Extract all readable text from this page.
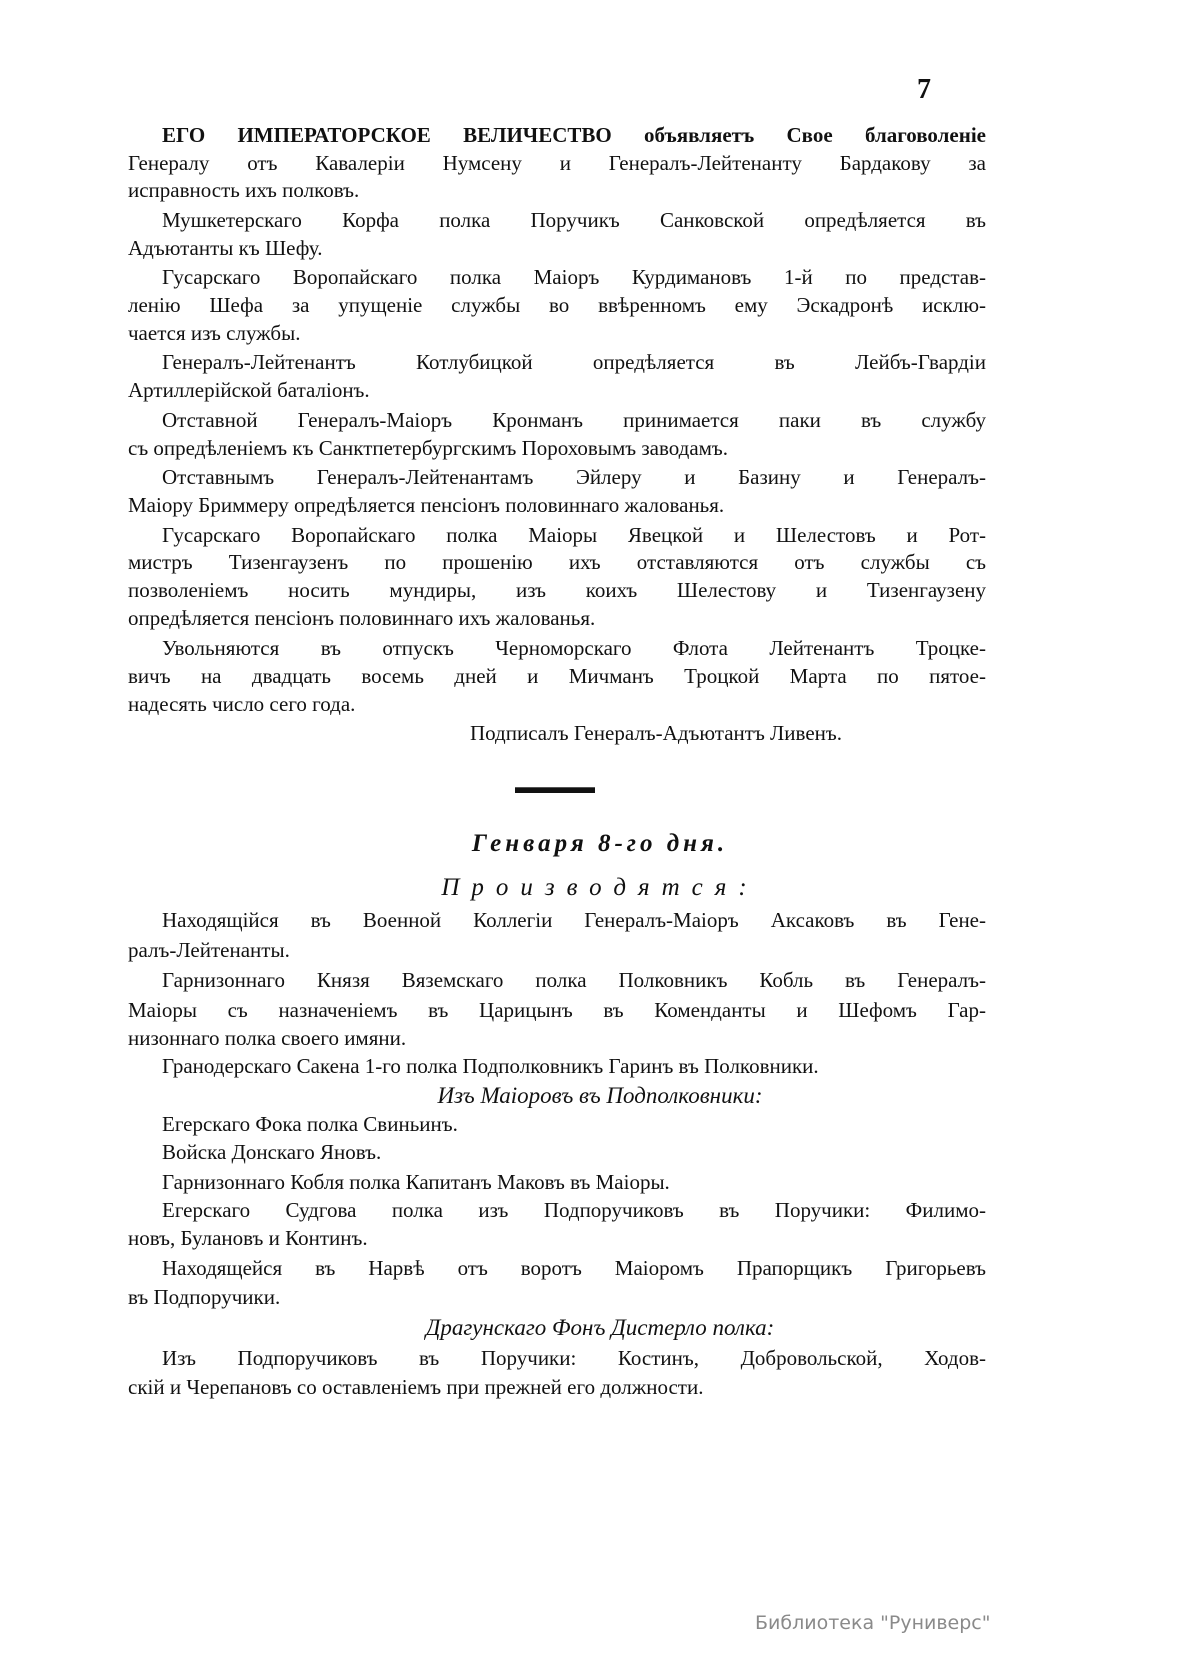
7
ЕГО ИМПЕРАТОРСКОЕ ВЕЛИЧЕСТВО объявляетъ Свое благоволеніе
Генералу отъ Кавалеріи Нумсену и Генералъ-Лейтенанту Бардакову за
исправность ихъ полковъ.
Мушкетерскаго Корфа полка Поручикъ Санковской опредѣляется въ
Адъютанты къ Шефу.
Гусарскаго Воропайскаго полка Маіоръ Курдимановъ 1-й по представ-
ленію Шефа за упущеніе службы во ввѣренномъ ему Эскадронѣ исклю-
чается изъ службы.
Генералъ-Лейтенантъ Котлубицкой опредѣляется въ Лейбъ-Гвардіи
Артиллерійской баталіонъ.
Отставной Генералъ-Маіоръ Кронманъ принимается паки въ службу
съ опредѣленіемъ къ Санктпетербургскимъ Пороховымъ заводамъ.
Отставнымъ Генералъ-Лейтенантамъ Эйлеру и Базину и Генералъ-
Маіору Бриммеру опредѣляется пенсіонъ половиннаго жалованья.
Гусарскаго Воропайскаго полка Маіоры Явецкой и Шелестовъ и Рот-
мистръ Тизенгаузенъ по прошенію ихъ отставляются отъ службы съ
позволеніемъ носить мундиры, изъ коихъ Шелестову и Тизенгаузену
опредѣляется пенсіонъ половиннаго ихъ жалованья.
Увольняются въ отпускъ Черноморскаго Флота Лейтенантъ Троцке-
вичъ на двадцать восемь дней и Мичманъ Троцкой Марта по пятое-
надесять число сего года.
Подписалъ Генералъ-Адъютантъ Ливенъ.
Генваря 8-го дня.
Производятся:
Находящійся въ Военной Коллегіи Генералъ-Маіоръ Аксаковъ въ Гене-
ралъ-Лейтенанты.
Гарнизоннаго Князя Вяземскаго полка Полковникъ Кобль въ Генералъ-
Маіоры съ назначеніемъ въ Царицынъ въ Коменданты и Шефомъ Гар-
низоннаго полка своего имяни.
Гранодерскаго Сакена 1-го полка Подполковникъ Гаринъ въ Полковники.
Изъ Маіоровъ въ Подполковники:
Егерскаго Фока полка Свиньинъ.
Войска Донскаго Яновъ.
Гарнизоннаго Кобля полка Капитанъ Маковъ въ Маіоры.
Егерскаго Судгова полка изъ Подпоручиковъ въ Поручики: Филимо-
новъ, Булановъ и Континъ.
Находящейся въ Нарвѣ отъ воротъ Маіоромъ Прапорщикъ Григорьевъ
въ Подпоручики.
Драгунскаго Фонъ Дистерло полка:
Изъ Подпоручиковъ въ Поручики: Костинъ, Добровольской, Ходов-
скій и Черепановъ со оставленіемъ при прежней его должности.
Библиотека "Руниверс"
